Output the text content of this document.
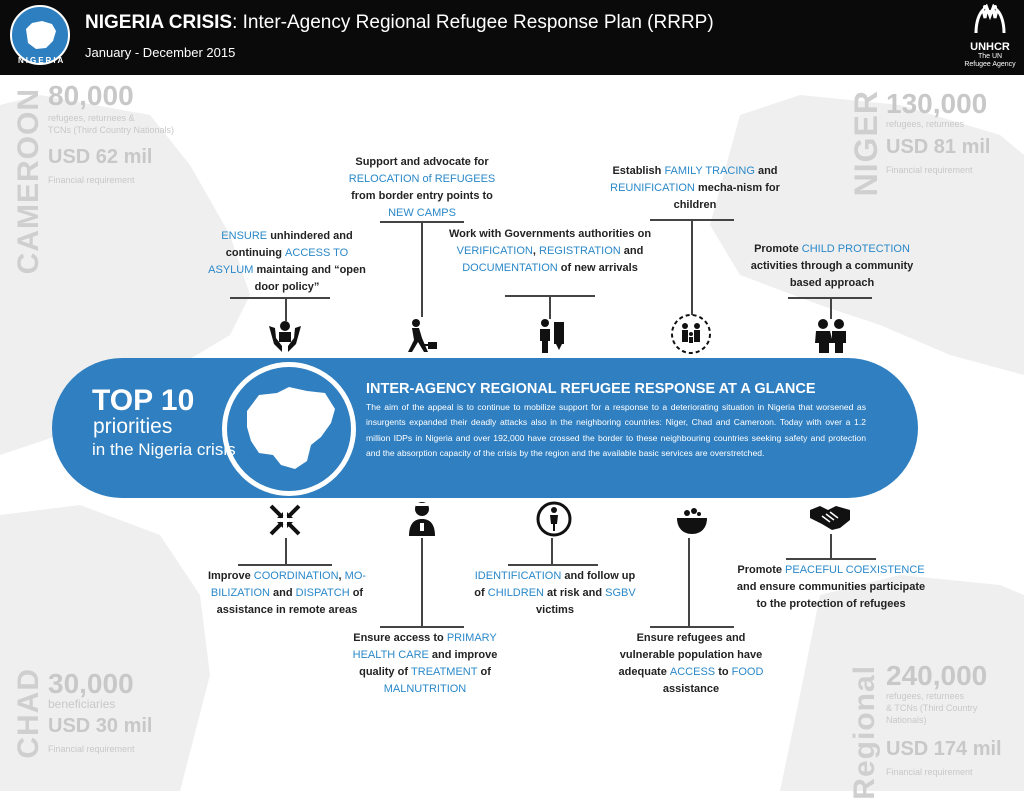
NIGERIA
NIGERIA CRISIS: Inter-Agency Regional Refugee Response Plan (RRRP)
January - December 2015	UNHCR
The UN
Refugee Agency
CAMEROON 80,000
refugees, returnees &
TCNs (Third Country Nationals)
USD 62 mil
Financial requirement	NIGER 130,000
refugees, returnees
USD 81 mil
Financial requirement
CHAD 30,000
beneficiaries
USD 30 mil
Financial requirement	Regional 240,000
refugees, returnees
& TCNs (Third Country
Nationals)
USD 174 mil
Financial requirement
TOP 10
priorities
in the Nigeria crisis
INTER-AGENCY REGIONAL REFUGEE RESPONSE AT A GLANCE
The aim of the appeal is to continue to mobilize support for a response to a deteriorating situation in Nigeria that worsened as insurgents expanded their deadly attacks also in the neighboring countries: Niger, Chad and Cameroon. Today with over a 1.2 million IDPs in Nigeria and over 192,000 have crossed the border to these neighbouring countries seeking safety and protection and the absorption capacity of the crisis by the region and the available basic services are overstretched.
ENSURE unhindered and continuing ACCESS TO ASYLUM maintaing and “open door policy”
Support and advocate for RELOCATION of REFUGEES from border entry points to NEW CAMPS
Work with Governments authorities on VERIFICATION, REGISTRATION and DOCUMENTATION of new arrivals
Establish FAMILY TRACING and REUNIFICATION mecha-nism for children
Promote CHILD PROTECTION activities through a community based approach
Improve COORDINATION, MO-BILIZATION and DISPATCH of assistance in remote areas
Ensure access to PRIMARY HEALTH CARE and improve quality of TREATMENT of MALNUTRITION
IDENTIFICATION and follow up of CHILDREN at risk and SGBV victims
Ensure refugees and vulnerable population have adequate ACCESS to FOOD assistance
Promote PEACEFUL COEXISTENCE and ensure communities participate to the protection of refugees
